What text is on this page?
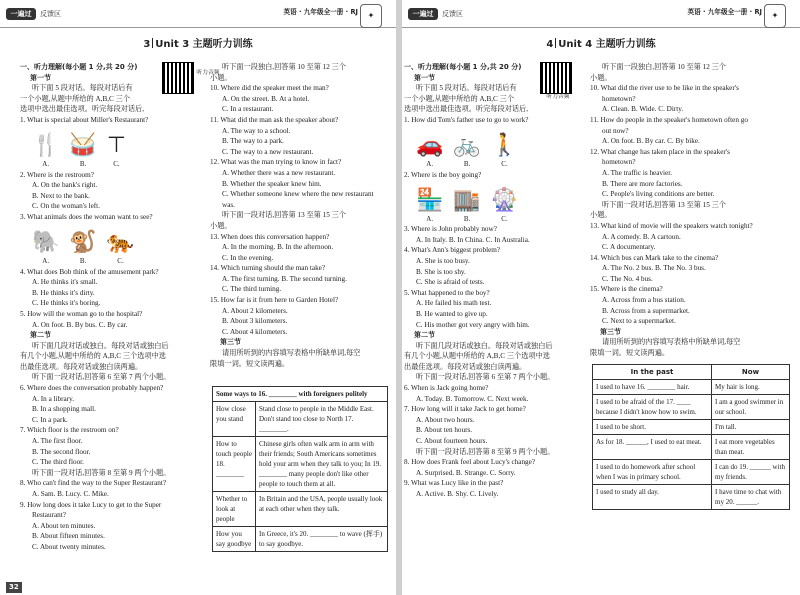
一遍过	反馈区	英语 · 九年级全一册 · RJ	✦
3 Unit 3 主题听力训练
听力音频

一、听力理解(每小题 1 分,共 20 分)

第一节

听下面 5 段对话。每段对话后有

一个小题,从题中所给的 A,B,C 三个

选项中选出最佳选项。听完每段对话后,

1. What is special about Miller's Restaurant?

🍴
A.
🥁
B.
⊤
C.

2. Where is the restroom?

A. On the bank's right.

B. Next to the bank.

C. On the woman's left.

3. What animals does the woman want to see?

🐘
A.
🐒
B.
🐅
C.

4. What does Bob think of the amusement park?

A. He thinks it's small.

B. He thinks it's dirty.

C. He thinks it's boring.

5. How will the woman go to the hospital?

A. On foot. B. By bus. C. By car.

第二节

听下面几段对话或独白。每段对话或独白后

有几个小题,从题中所给的 A,B,C 三个选项中选

出最佳选项。每段对话或独白读两遍。

听下面一段对话,回答第 6 至第 7 两个小题。

6. Where does the conversation probably happen?

A. In a library.

B. In a shopping mall.

C. In a park.

7. Which floor is the restroom on?

A. The first floor.

B. The second floor.

C. The third floor.

听下面一段对话,回答第 8 至第 9 两个小题。

8. Who can't find the way to the Super Restaurant?

A. Sam. B. Lucy. C. Mike.

9. How long does it take Lucy to get to the Super

Restaurant?

A. About ten minutes.

B. About fifteen minutes.

C. About twenty minutes.

听下面一段独白,回答第 10 至第 12 三个

小题。

10. Where did the speaker meet the man?

A. On the street. B. At a hotel.

C. In a restaurant.

11. What did the man ask the speaker about?

A. The way to a school.

B. The way to a park.

C. The way to a new restaurant.

12. What was the man trying to know in fact?

A. Whether there was a new restaurant.

B. Whether the speaker knew him.

C. Whether someone knew where the new restaurant

was.

听下面一段对话,回答第 13 至第 15 三个

小题。

13. When does this conversation happen?

A. In the morning. B. In the afternoon.

C. In the evening.

14. Which turning should the man take?

A. The first turning. B. The second turning.

C. The third turning.

15. How far is it from here to Garden Hotel?

A. About 2 kilometers.

B. About 3 kilometers.

C. About 4 kilometers.

第三节

请用所听到的内容填写表格中所缺单词,每空

限填一词。短文读两遍。

Some ways to 16. ________ with foreigners politely	
How close you stand	Stand close to people in the Middle East. Don't stand too close to North 17. ________.
How to touch people 18. ________	Chinese girls often walk arm in arm with their friends; South Americans sometimes hold your arm when they talk to you; In 19. ________ many people don't like other people to touch them at all.
Whether to look at people	In Britain and the USA, people usually look at each other when they talk.
How you say goodbye	In Greece, it's 20. ________ to wave (挥手) to say goodbye.
32
一遍过	反馈区	英语 · 九年级全一册 · RJ	✦
4 Unit 4 主题听力训练
听力音频

一、听力理解(每小题 1 分,共 20 分)

第一节

听下面 5 段对话。每段对话后有

一个小题,从题中所给的 A,B,C 三个

选项中选出最佳选项。听完每段对话后,

1. How did Tom's father use to go to work?

🚗
A.
🚲
B.
🚶
C.

2. Where is the boy going?

🏪
A.
🏬
B.
🎡
C.

3. Where is John probably now?

A. In Italy. B. In China. C. In Australia.

4. What's Ann's biggest problem?

A. She is too busy.

B. She is too shy.

C. She is afraid of tests.

5. What happened to the boy?

A. He failed his math test.

B. He wanted to give up.

C. His mother got very angry with him.

第二节

听下面几段对话或独白。每段对话或独白后

有几个小题,从题中所给的 A,B,C 三个选项中选

出最佳选项。每段对话或独白读两遍。

听下面一段对话,回答第 6 至第 7 两个小题。

6. When is Jack going home?

A. Today. B. Tomorrow. C. Next week.

7. How long will it take Jack to get home?

A. About two hours.

B. About ten hours.

C. About fourteen hours.

听下面一段对话,回答第 8 至第 9 两个小题。

8. How does Frank feel about Lucy's change?

A. Surprised. B. Strange. C. Sorry.

9. What was Lucy like in the past?

A. Active. B. Shy. C. Lively.

听下面一段独白,回答第 10 至第 12 三个

小题。

10. What did the river use to be like in the speaker's

hometown?

A. Clean. B. Wide. C. Dirty.

11. How do people in the speaker's hometown often go

out now?

A. On foot. B. By car. C. By bike.

12. What change has taken place in the speaker's

hometown?

A. The traffic is heavier.

B. There are more factories.

C. People's living conditions are better.

听下面一段对话,回答第 13 至第 15 三个

小题。

13. What kind of movie will the speakers watch tonight?

A. A comedy. B. A cartoon.

C. A documentary.

14. Which bus can Mark take to the cinema?

A. The No. 2 bus. B. The No. 3 bus.

C. The No. 4 bus.

15. Where is the cinema?

A. Across from a bus station.

B. Across from a supermarket.

C. Next to a supermarket.

第三节

请用所听到的内容填写表格中所缺单词,每空

限填一词。短文读两遍。

In the past	Now
I used to have 16. ________ hair.	My hair is long.
I used to be afraid of the 17. ____ because I didn't know how to swim.	I am a good swimmer in our school.
I used to be short.	I'm tall.
As for 18. ______, I used to eat meat.	I eat more vegetables than meat.
I used to do homework after school when I was in primary school.	I can do 19. ______ with my friends.
I used to study all day.	I have time to chat with my 20. ______.
